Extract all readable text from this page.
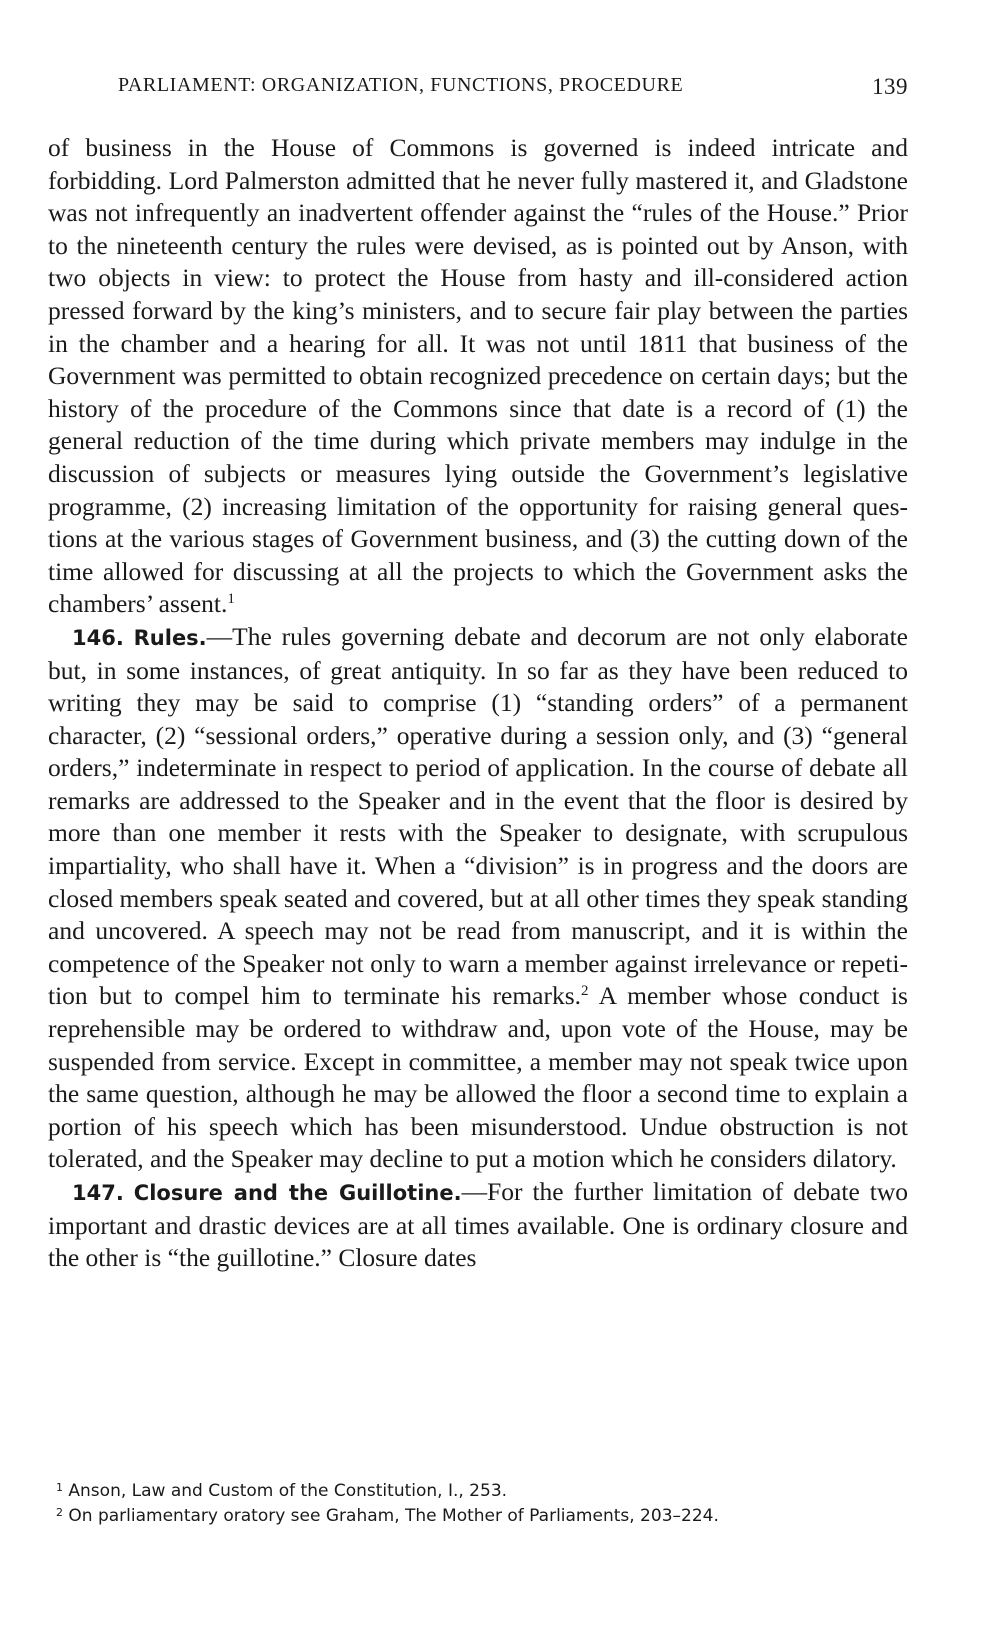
PARLIAMENT: ORGANIZATION, FUNCTIONS, PROCEDURE	139

of business in the House of Commons is governed is indeed intricate and forbidding. Lord Palmerston admitted that he never fully mastered it, and Gladstone was not infrequently an inadvertent offender against the “rules of the House.” Prior to the nineteenth century the rules were devised, as is pointed out by Anson, with two objects in view: to protect the House from hasty and ill-considered action pressed forward by the king’s ministers, and to secure fair play between the parties in the chamber and a hearing for all. It was not until 1811 that business of the Government was permitted to obtain recognized precedence on certain days; but the history of the procedure of the Commons since that date is a record of (1) the general reduction of the time during which private members may indulge in the discussion of subjects or measures lying outside the Government’s legislative programme, (2) increasing limitation of the opportunity for raising general questions at the various stages of Government business, and (3) the cutting down of the time allowed for discussing at all the projects to which the Government asks the chambers’ assent.$^1$

146. Rules.—The rules governing debate and decorum are not only elaborate but, in some instances, of great antiquity. In so far as they have been reduced to writing they may be said to comprise (1) “standing orders” of a permanent character, (2) “sessional orders,” operative during a session only, and (3) “general orders,” indeterminate in respect to period of application. In the course of debate all remarks are addressed to the Speaker and in the event that the floor is desired by more than one member it rests with the Speaker to designate, with scrupulous impartiality, who shall have it. When a “division” is in progress and the doors are closed members speak seated and covered, but at all other times they speak standing and uncovered. A speech may not be read from manuscript, and it is within the competence of the Speaker not only to warn a member against irrelevance or repetition but to compel him to terminate his remarks.$^2$ A member whose conduct is reprehensible may be ordered to withdraw and, upon vote of the House, may be suspended from service. Except in committee, a member may not speak twice upon the same question, although he may be allowed the floor a second time to explain a portion of his speech which has been misunderstood. Undue obstruction is not tolerated, and the Speaker may decline to put a motion which he considers dilatory.

147. Closure and the Guillotine.—For the further limitation of debate two important and drastic devices are at all times available. One is ordinary closure and the other is “the guillotine.” Closure dates

$^1$ Anson, Law and Custom of the Constitution, I., 253.

$^2$ On parliamentary oratory see Graham, The Mother of Parliaments, 203–224.
